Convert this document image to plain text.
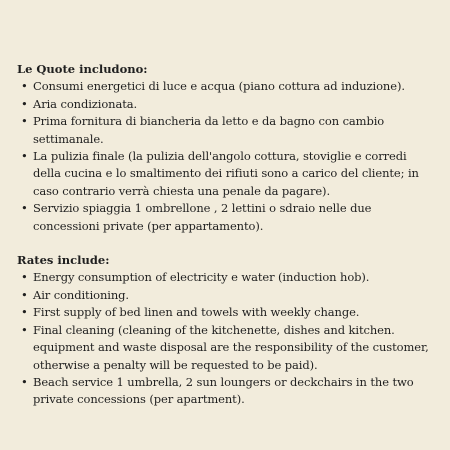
Le Quote includono:

• Consumi energetici di luce e acqua (piano cottura ad induzione).
• Aria condizionata.
• Prima fornitura di biancheria da letto e da bagno con cambio settimanale.
• La pulizia finale (la pulizia dell'angolo cottura, stoviglie e corredi della cucina e lo smaltimento dei rifiuti sono a carico del cliente; in caso contrario verrà chiesta una penale da pagare).
• Servizio spiaggia 1 ombrellone , 2 lettini o sdraio nelle due concessioni private (per appartamento).

Rates include:

• Energy consumption of electricity e water (induction hob).
• Air conditioning.
• First supply of bed linen and towels with weekly change.
• Final cleaning (cleaning of the kitchenette, dishes and kitchen. equipment and waste disposal are the responsibility of the customer, otherwise a penalty will be requested to be paid).
• Beach service 1 umbrella, 2 sun loungers or deckchairs in the two private concessions (per apartment).
